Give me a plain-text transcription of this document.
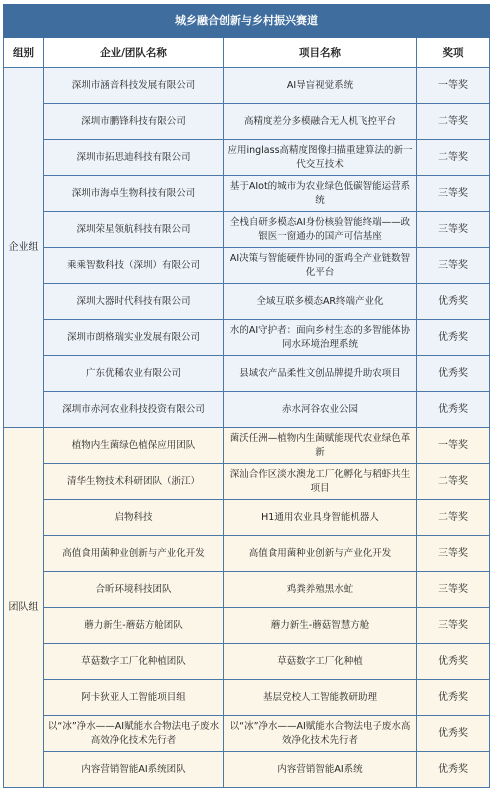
城乡融合创新与乡村振兴赛道			
组别	企业/团队名称	项目名称	奖项
企业组	深圳市涵音科技发展有限公司	AI导盲视觉系统	一等奖
	深圳市鹏锋科技有限公司	高精度差分多模融合无人机飞控平台	二等奖
	深圳市拓思迪科技有限公司	应用inglass高精度图像扫描重建算法的新一代交互技术	二等奖
	深圳市海卓生物科技有限公司	基于AIot的城市为农业绿色低碳智能运营系统	三等奖
	深圳荣星领航科技有限公司	全栈自研多模态AI身份核验智能终端——政银医一窗通办的国产可信基座	三等奖
	乘乘智数科技（深圳）有限公司	AI决策与智能硬件协同的蛋鸡全产业链数智化平台	三等奖
	深圳大器时代科技有限公司	全域互联多模态AR终端产业化	优秀奖
	深圳市朗格瑞实业发展有限公司	水的AI守护者：面向乡村生态的多智能体协同水环境治理系统	优秀奖
	广东优稀农业有限公司	县域农产品柔性文创品牌提升助农项目	优秀奖
	深圳市赤河农业科技投资有限公司	赤水河谷农业公园	优秀奖
团队组	植物内生菌绿色植保应用团队	菌沃任洲—植物内生菌赋能现代农业绿色革新	一等奖
	清华生物技术科研团队（浙江）	深汕合作区淡水澳龙工厂化孵化与稻虾共生项目	二等奖
	启物科技	H1通用农业具身智能机器人	二等奖
	高值食用菌种业创新与产业化开发	高值食用菌种业创新与产业化开发	三等奖
	合昕环境科技团队	鸡粪养殖黑水虻	三等奖
	蘑力新生-蘑菇方舱团队	蘑力新生-蘑菇智慧方舱	三等奖
	草菇数字工厂化种植团队	草菇数字工厂化种植	优秀奖
	阿卡狄亚人工智能项目组	基层党校人工智能教研助理	优秀奖
	以“冰”净水——AI赋能水合物法电子废水高效净化技术先行者	以“冰”净水——AI赋能水合物法电子废水高效净化技术先行者	优秀奖
	内容营销智能AI系统团队	内容营销智能AI系统	优秀奖
